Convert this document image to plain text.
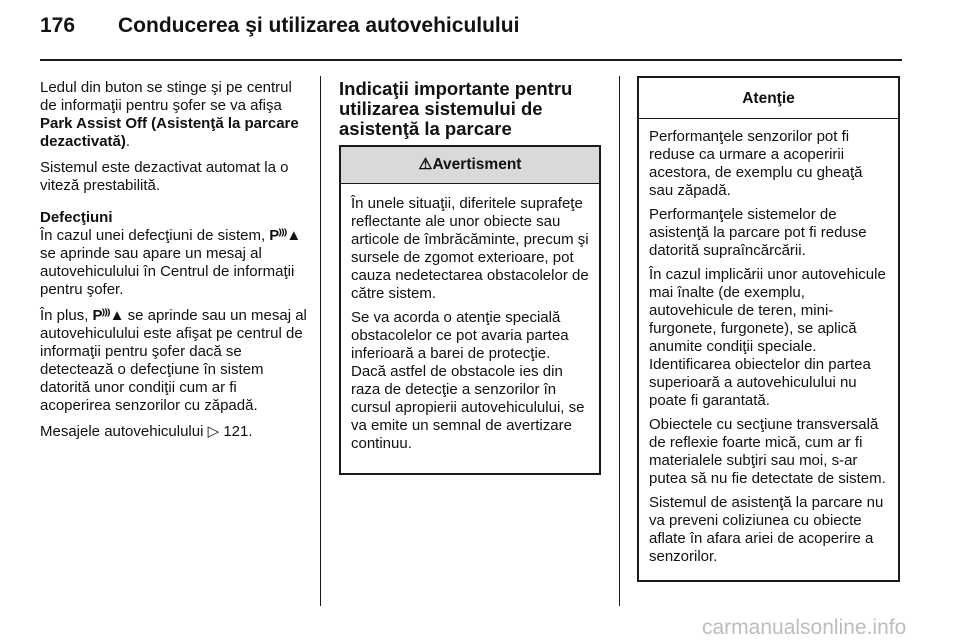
176 Conducerea şi utilizarea autovehiculului

Ledul din buton se stinge şi pe centrul de informaţii pentru şofer se va afişa Park Assist Off (Asistenţă la parcare dezactivată).

Sistemul este dezactivat automat la o viteză prestabilită.

Defecţiuni

În cazul unei defecţiuni de sistem, P⁾⁾⁾▲ se aprinde sau apare un mesaj al autovehiculului în Centrul de informaţii pentru şofer.

În plus, P⁾⁾⁾▲ se aprinde sau un mesaj al autovehiculului este afişat pe centrul de informaţii pentru şofer dacă se detectează o defecţiune în sistem datorită unor condiţii cum ar fi acoperirea senzorilor cu zăpadă.

Mesajele autovehiculului ▷ 121.

Indicaţii importante pentru utilizarea sistemului de asistenţă la parcare

⚠Avertisment

În unele situaţii, diferitele suprafeţe reflectante ale unor obiecte sau articole de îmbrăcăminte, precum şi sursele de zgomot exterioare, pot cauza nedetectarea obstacolelor de către sistem.

Se va acorda o atenţie specială obstacolelor ce pot avaria partea inferioară a barei de protecţie. Dacă astfel de obstacole ies din raza de detecţie a senzorilor în cursul apropierii autovehiculului, se va emite un semnal de avertizare continuu.

Atenţie

Performanţele senzorilor pot fi reduse ca urmare a acoperirii acestora, de exemplu cu gheaţă sau zăpadă.

Performanţele sistemelor de asistenţă la parcare pot fi reduse datorită supraîncărcării.

În cazul implicării unor autovehicule mai înalte (de exemplu, autovehicule de teren, mini-furgonete, furgonete), se aplică anumite condiţii speciale. Identificarea obiectelor din partea superioară a autovehiculului nu poate fi garantată.

Obiectele cu secţiune transversală de reflexie foarte mică, cum ar fi materialele subţiri sau moi, s-ar putea să nu fie detectate de sistem.

Sistemul de asistenţă la parcare nu va preveni coliziunea cu obiecte aflate în afara ariei de acoperire a senzorilor.

carmanualsonline.info
